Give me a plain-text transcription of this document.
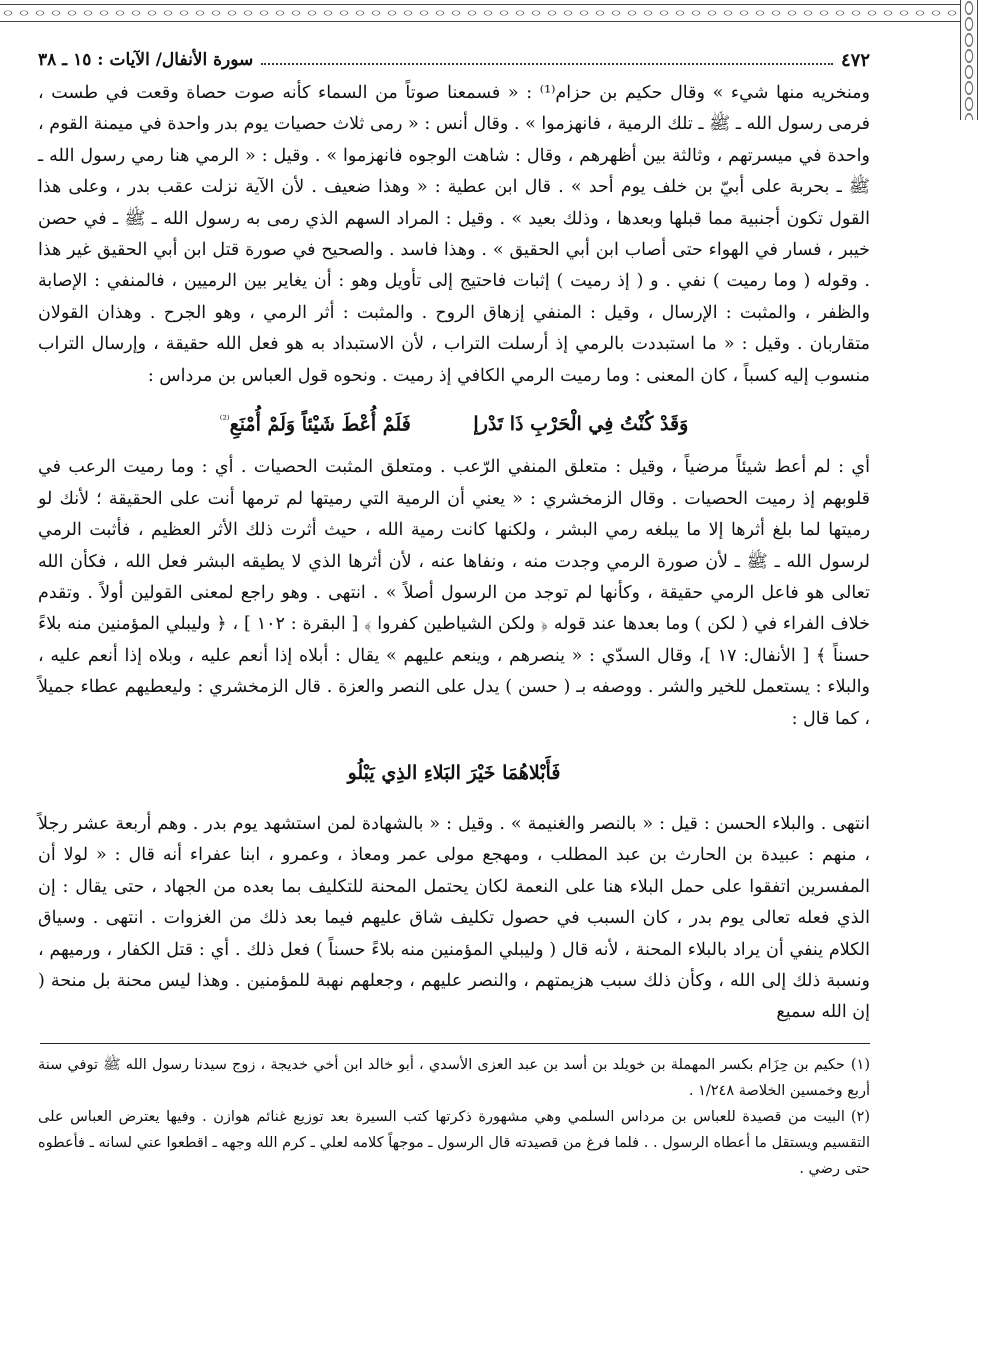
٤٧٢
سورة الأنفال/ الآيات : ١٥ ـ ٣٨

ومنخريه منها شيء » وقال حكيم بن حزام⁽¹⁾ : « فسمعنا صوتاً من السماء كأنه صوت حصاة وقعت في طست ، فرمى رسول الله ـ ﷺ ـ تلك الرمية ، فانهزموا » . وقال أنس : « رمى ثلاث حصيات يوم بدر واحدة في ميمنة القوم ، واحدة في ميسرتهم ، وثالثة بين أظهرهم ، وقال : شاهت الوجوه فانهزموا » . وقيل : « الرمي هنا رمي رسول الله ـ ﷺ ـ بحربة على أبيّ بن خلف يوم أحد » . قال ابن عطية : « وهذا ضعيف . لأن الآية نزلت عقب بدر ، وعلى هذا القول تكون أجنبية مما قبلها وبعدها ، وذلك بعيد » . وقيل : المراد السهم الذي رمى به رسول الله ـ ﷺ ـ في حصن خيبر ، فسار في الهواء حتى أصاب ابن أبي الحقيق » . وهذا فاسد . والصحيح في صورة قتل ابن أبي الحقيق غير هذا . وقوله ( وما رميت ) نفي . و ( إذ رميت ) إثبات فاحتيج إلى تأويل وهو : أن يغاير بين الرميين ، فالمنفي : الإصابة والظفر ، والمثبت : الإرسال ، وقيل : المنفي إزهاق الروح . والمثبت : أثر الرمي ، وهو الجرح . وهذان القولان متقاربان . وقيل : « ما استبددت بالرمي إذ أرسلت التراب ، لأن الاستبداد به هو فعل الله حقيقة ، وإرسال التراب منسوب إليه كسباً ، كان المعنى : وما رميت الرمي الكافي إذ رميت . ونحوه قول العباس بن مرداس :

وَقَدْ كُنْتُ فِي الْحَرْبِ ذَا تَدْرإ فَلَمْ أُعْطَ شَيْئاً وَلَمْ أُمْنَعِ$^{^{(2)}}$

أي : لم أعط شيئاً مرضياً ، وقيل : متعلق المنفي الرّعب . ومتعلق المثبت الحصيات . أي : وما رميت الرعب في قلوبهم إذ رميت الحصيات . وقال الزمخشري : « يعني أن الرمية التي رميتها لم ترمها أنت على الحقيقة ؛ لأنك لو رميتها لما بلغ أثرها إلا ما يبلغه رمي البشر ، ولكنها كانت رمية الله ، حيث أثرت ذلك الأثر العظيم ، فأثبت الرمي لرسول الله ـ ﷺ ـ لأن صورة الرمي وجدت منه ، ونفاها عنه ، لأن أثرها الذي لا يطيقه البشر فعل الله ، فكأن الله تعالى هو فاعل الرمي حقيقة ، وكأنها لم توجد من الرسول أصلاً » . انتهى . وهو راجع لمعنى القولين أولاً . وتقدم خلاف الفراء في ( لكن ) وما بعدها عند قوله ﴿ ولكن الشياطين كفروا ﴾ [ البقرة : ١٠٢ ] ، ﴿ وليبلي المؤمنين منه بلاءً حسناً ﴾ [ الأنفال: ١٧ ]، وقال السدّي : « ينصرهم ، وينعم عليهم » يقال : أبلاه إذا أنعم عليه ، وبلاه إذا أنعم عليه ، والبلاء : يستعمل للخير والشر . ووصفه بـ ( حسن ) يدل على النصر والعزة . قال الزمخشري : وليعطيهم عطاء جميلاً ، كما قال :

فَأَبْلاهُمَا خَيْرَ البَلاءِ الذِي يَبْلُو

انتهى . والبلاء الحسن : قيل : « بالنصر والغنيمة » . وقيل : « بالشهادة لمن استشهد يوم بدر . وهم أربعة عشر رجلاً ، منهم : عبيدة بن الحارث بن عبد المطلب ، ومهجع مولى عمر ومعاذ ، وعمرو ، ابنا عفراء أنه قال : « لولا أن المفسرين اتفقوا على حمل البلاء هنا على النعمة لكان يحتمل المحنة للتكليف بما بعده من الجهاد ، حتى يقال : إن الذي فعله تعالى يوم بدر ، كان السبب في حصول تكليف شاق عليهم فيما بعد ذلك من الغزوات . انتهى . وسياق الكلام ينفي أن يراد بالبلاء المحنة ، لأنه قال ( وليبلي المؤمنين منه بلاءً حسناً ) فعل ذلك . أي : قتل الكفار ، ورميهم ، ونسبة ذلك إلى الله ، وكأن ذلك سبب هزيمتهم ، والنصر عليهم ، وجعلهم نهبة للمؤمنين . وهذا ليس محنة بل منحة ( إن الله سميع

(١)حكيم بن حِزَام بكسر المهملة بن خويلد بن أسد بن عبد العزى الأسدي ، أبو خالد ابن أخي خديجة ، زوج سيدنا رسول الله ﷺ توفي سنة أربع وخمسين الخلاصة ١/٢٤٨ .

(٢)البيت من قصيدة للعباس بن مرداس السلمي وهي مشهورة ذكرتها كتب السيرة بعد توزيع غنائم هوازن . وفيها يعترض العباس على التقسيم ويستقل ما أعطاه الرسول . . فلما فرغ من قصيدته قال الرسول ـ موجهاً كلامه لعلي ـ كرم الله وجهه ـ اقطعوا عني لسانه ـ فأعطوه حتى رضي .
